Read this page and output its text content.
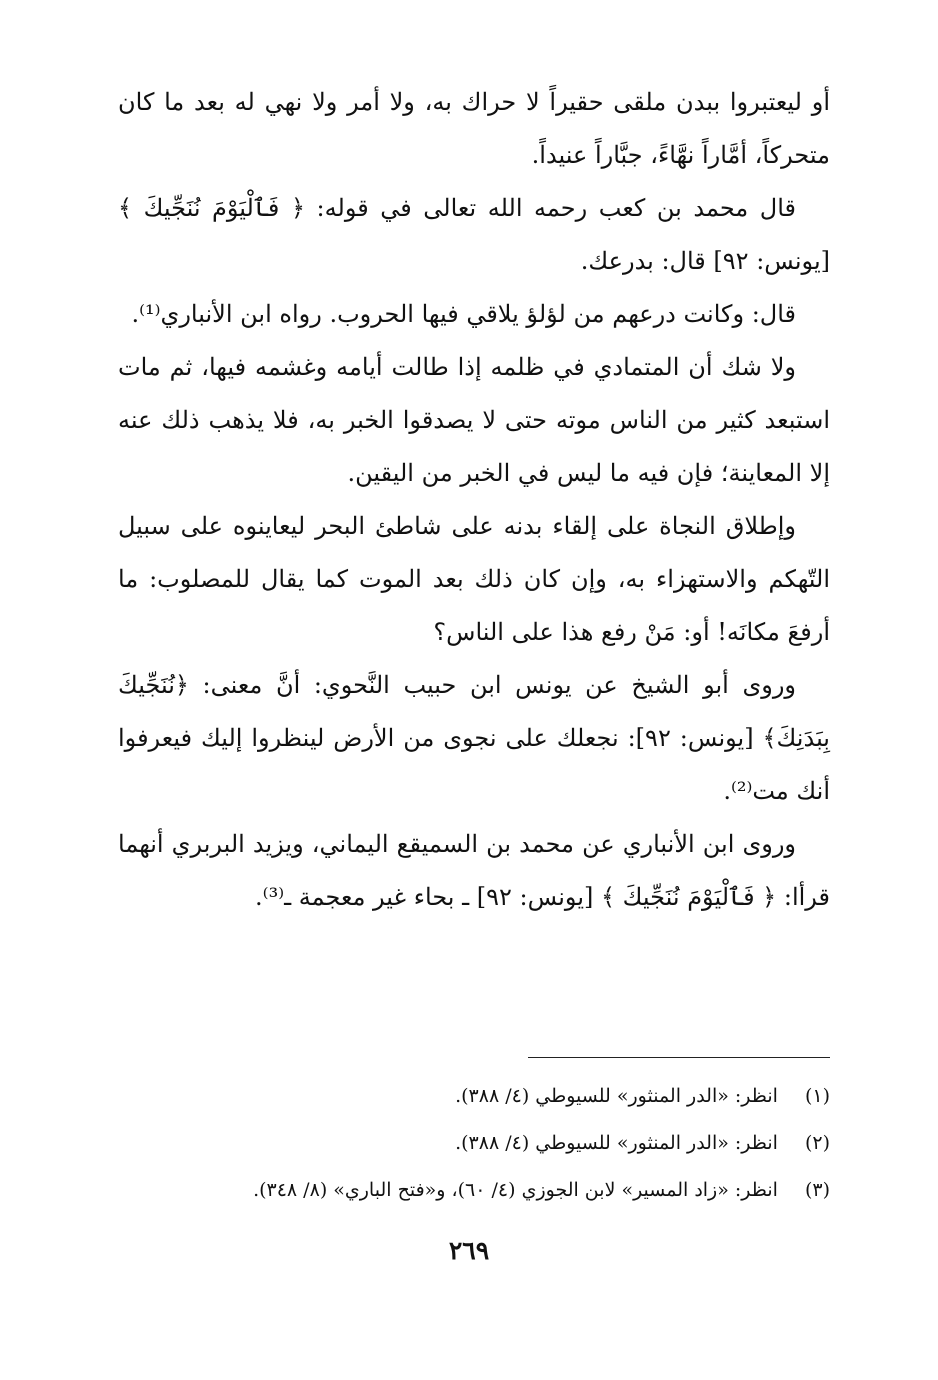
أو ليعتبروا ببدن ملقى حقيراً لا حراك به، ولا أمر ولا نهي له بعد ما كان متحركاً، أمَّاراً نهَّاءً، جبَّاراً عنيداً.

قال محمد بن كعب رحمه الله تعالى في قوله: ﴿ فَٱلْيَوْمَ نُنَجِّيكَ ﴾ [يونس: ٩٢] قال: بدرعك.

قال: وكانت درعهم من لؤلؤ يلاقي فيها الحروب. رواه ابن الأنباري⁽¹⁾.

ولا شك أن المتمادي في ظلمه إذا طالت أيامه وغشمه فيها، ثم مات استبعد كثير من الناس موته حتى لا يصدقوا الخبر به، فلا يذهب ذلك عنه إلا المعاينة؛ فإن فيه ما ليس في الخبر من اليقين.

وإطلاق النجاة على إلقاء بدنه على شاطئ البحر ليعاينوه على سبيل التّهكم والاستهزاء به، وإن كان ذلك بعد الموت كما يقال للمصلوب: ما أرفعَ مكانَه! أو: مَنْ رفع هذا على الناس؟

وروى أبو الشيخ عن يونس ابن حبيب النَّحوي: أنَّ معنى: ﴿نُنَجِّيكَ بِبَدَنِكَ﴾ [يونس: ٩٢]: نجعلك على نجوى من الأرض لينظروا إليك فيعرفوا أنك مت⁽²⁾.

وروى ابن الأنباري عن محمد بن السميقع اليماني، ويزيد البربري أنهما قرأا: ﴿ فَٱلْيَوْمَ نُنَجِّيكَ ﴾ [يونس: ٩٢] ـ بحاء غير معجمة ـ⁽³⁾.

(١) انظر: «الدر المنثور» للسيوطي (٤/ ٣٨٨).

(٢) انظر: «الدر المنثور» للسيوطي (٤/ ٣٨٨).

(٣) انظر: «زاد المسير» لابن الجوزي (٤/ ٦٠)، و«فتح الباري» (٨/ ٣٤٨).

٢٦٩
